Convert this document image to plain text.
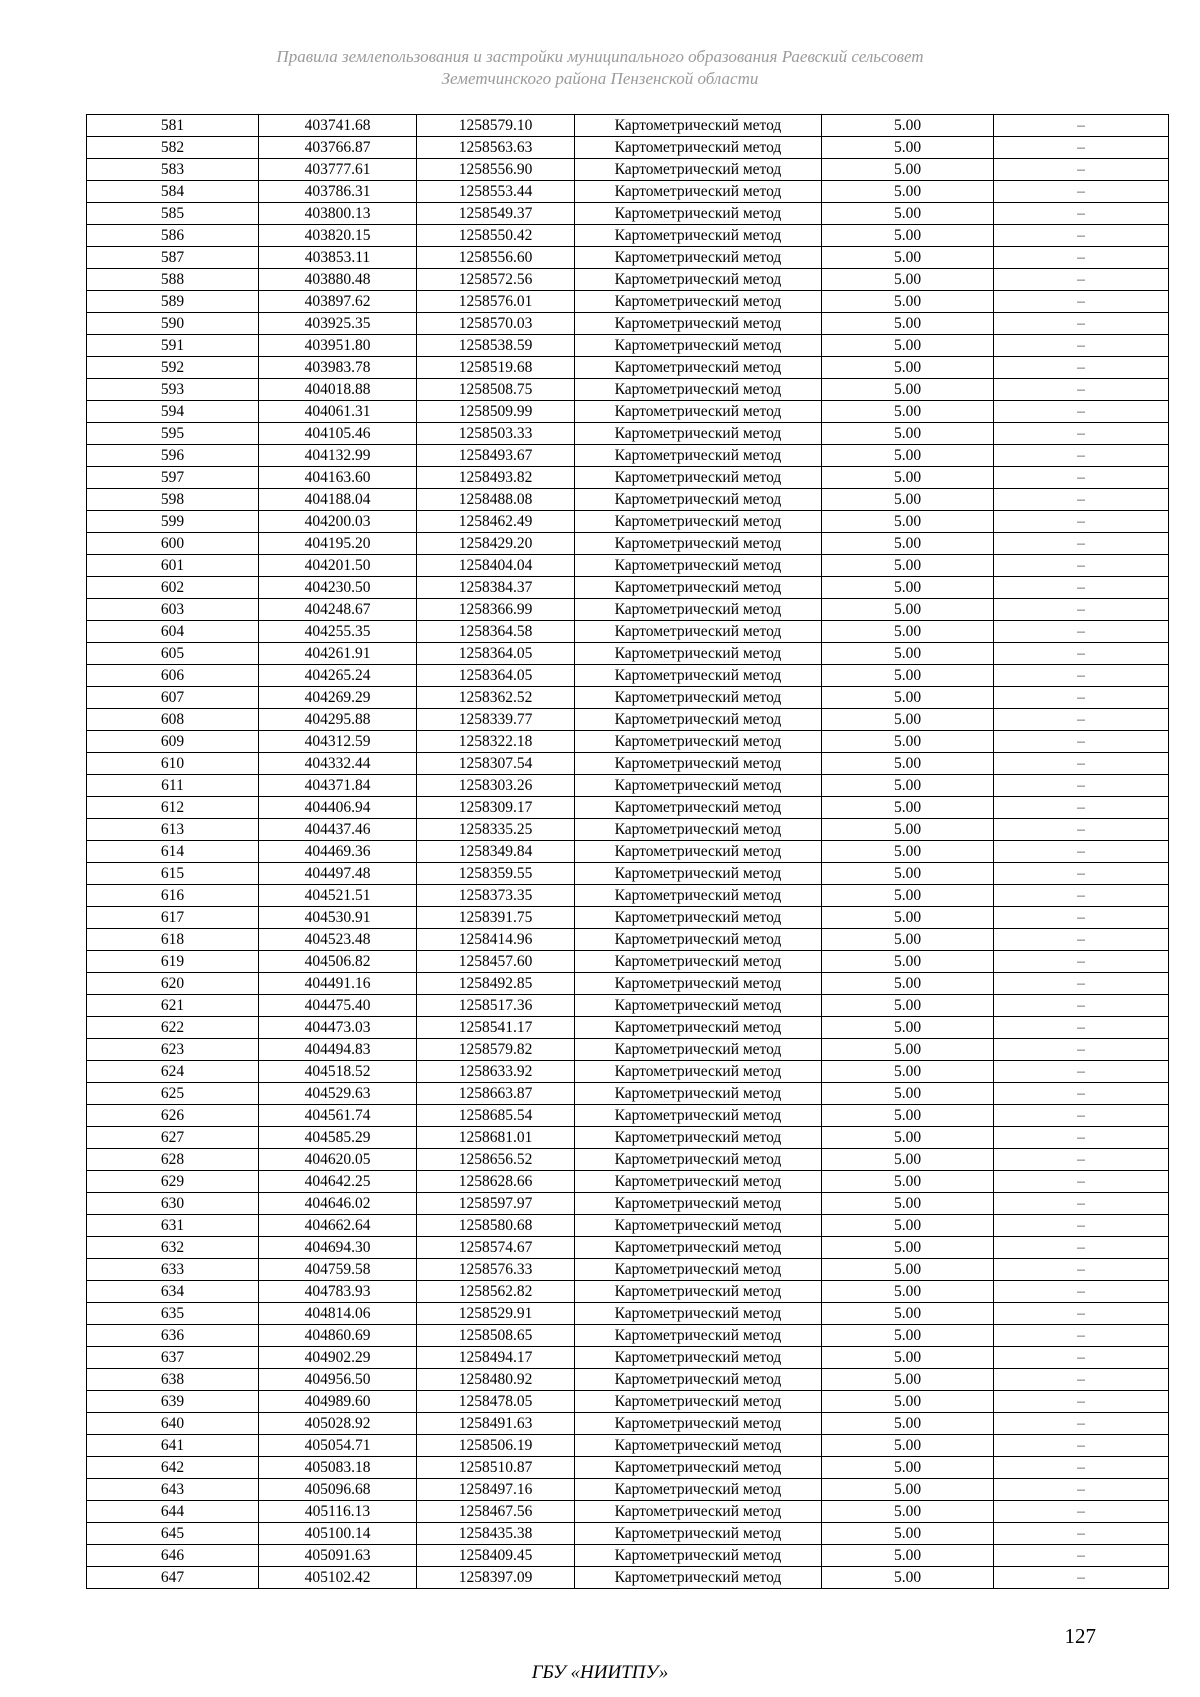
Правила землепользования и застройки муниципального образования Раевский сельсовет
Земетчинского района Пензенской области
581	403741.68	1258579.10	Картометрический метод	5.00	–
582	403766.87	1258563.63	Картометрический метод	5.00	–
583	403777.61	1258556.90	Картометрический метод	5.00	–
584	403786.31	1258553.44	Картометрический метод	5.00	–
585	403800.13	1258549.37	Картометрический метод	5.00	–
586	403820.15	1258550.42	Картометрический метод	5.00	–
587	403853.11	1258556.60	Картометрический метод	5.00	–
588	403880.48	1258572.56	Картометрический метод	5.00	–
589	403897.62	1258576.01	Картометрический метод	5.00	–
590	403925.35	1258570.03	Картометрический метод	5.00	–
591	403951.80	1258538.59	Картометрический метод	5.00	–
592	403983.78	1258519.68	Картометрический метод	5.00	–
593	404018.88	1258508.75	Картометрический метод	5.00	–
594	404061.31	1258509.99	Картометрический метод	5.00	–
595	404105.46	1258503.33	Картометрический метод	5.00	–
596	404132.99	1258493.67	Картометрический метод	5.00	–
597	404163.60	1258493.82	Картометрический метод	5.00	–
598	404188.04	1258488.08	Картометрический метод	5.00	–
599	404200.03	1258462.49	Картометрический метод	5.00	–
600	404195.20	1258429.20	Картометрический метод	5.00	–
601	404201.50	1258404.04	Картометрический метод	5.00	–
602	404230.50	1258384.37	Картометрический метод	5.00	–
603	404248.67	1258366.99	Картометрический метод	5.00	–
604	404255.35	1258364.58	Картометрический метод	5.00	–
605	404261.91	1258364.05	Картометрический метод	5.00	–
606	404265.24	1258364.05	Картометрический метод	5.00	–
607	404269.29	1258362.52	Картометрический метод	5.00	–
608	404295.88	1258339.77	Картометрический метод	5.00	–
609	404312.59	1258322.18	Картометрический метод	5.00	–
610	404332.44	1258307.54	Картометрический метод	5.00	–
611	404371.84	1258303.26	Картометрический метод	5.00	–
612	404406.94	1258309.17	Картометрический метод	5.00	–
613	404437.46	1258335.25	Картометрический метод	5.00	–
614	404469.36	1258349.84	Картометрический метод	5.00	–
615	404497.48	1258359.55	Картометрический метод	5.00	–
616	404521.51	1258373.35	Картометрический метод	5.00	–
617	404530.91	1258391.75	Картометрический метод	5.00	–
618	404523.48	1258414.96	Картометрический метод	5.00	–
619	404506.82	1258457.60	Картометрический метод	5.00	–
620	404491.16	1258492.85	Картометрический метод	5.00	–
621	404475.40	1258517.36	Картометрический метод	5.00	–
622	404473.03	1258541.17	Картометрический метод	5.00	–
623	404494.83	1258579.82	Картометрический метод	5.00	–
624	404518.52	1258633.92	Картометрический метод	5.00	–
625	404529.63	1258663.87	Картометрический метод	5.00	–
626	404561.74	1258685.54	Картометрический метод	5.00	–
627	404585.29	1258681.01	Картометрический метод	5.00	–
628	404620.05	1258656.52	Картометрический метод	5.00	–
629	404642.25	1258628.66	Картометрический метод	5.00	–
630	404646.02	1258597.97	Картометрический метод	5.00	–
631	404662.64	1258580.68	Картометрический метод	5.00	–
632	404694.30	1258574.67	Картометрический метод	5.00	–
633	404759.58	1258576.33	Картометрический метод	5.00	–
634	404783.93	1258562.82	Картометрический метод	5.00	–
635	404814.06	1258529.91	Картометрический метод	5.00	–
636	404860.69	1258508.65	Картометрический метод	5.00	–
637	404902.29	1258494.17	Картометрический метод	5.00	–
638	404956.50	1258480.92	Картометрический метод	5.00	–
639	404989.60	1258478.05	Картометрический метод	5.00	–
640	405028.92	1258491.63	Картометрический метод	5.00	–
641	405054.71	1258506.19	Картометрический метод	5.00	–
642	405083.18	1258510.87	Картометрический метод	5.00	–
643	405096.68	1258497.16	Картометрический метод	5.00	–
644	405116.13	1258467.56	Картометрический метод	5.00	–
645	405100.14	1258435.38	Картометрический метод	5.00	–
646	405091.63	1258409.45	Картометрический метод	5.00	–
647	405102.42	1258397.09	Картометрический метод	5.00	–
127
ГБУ «НИИТПУ»
